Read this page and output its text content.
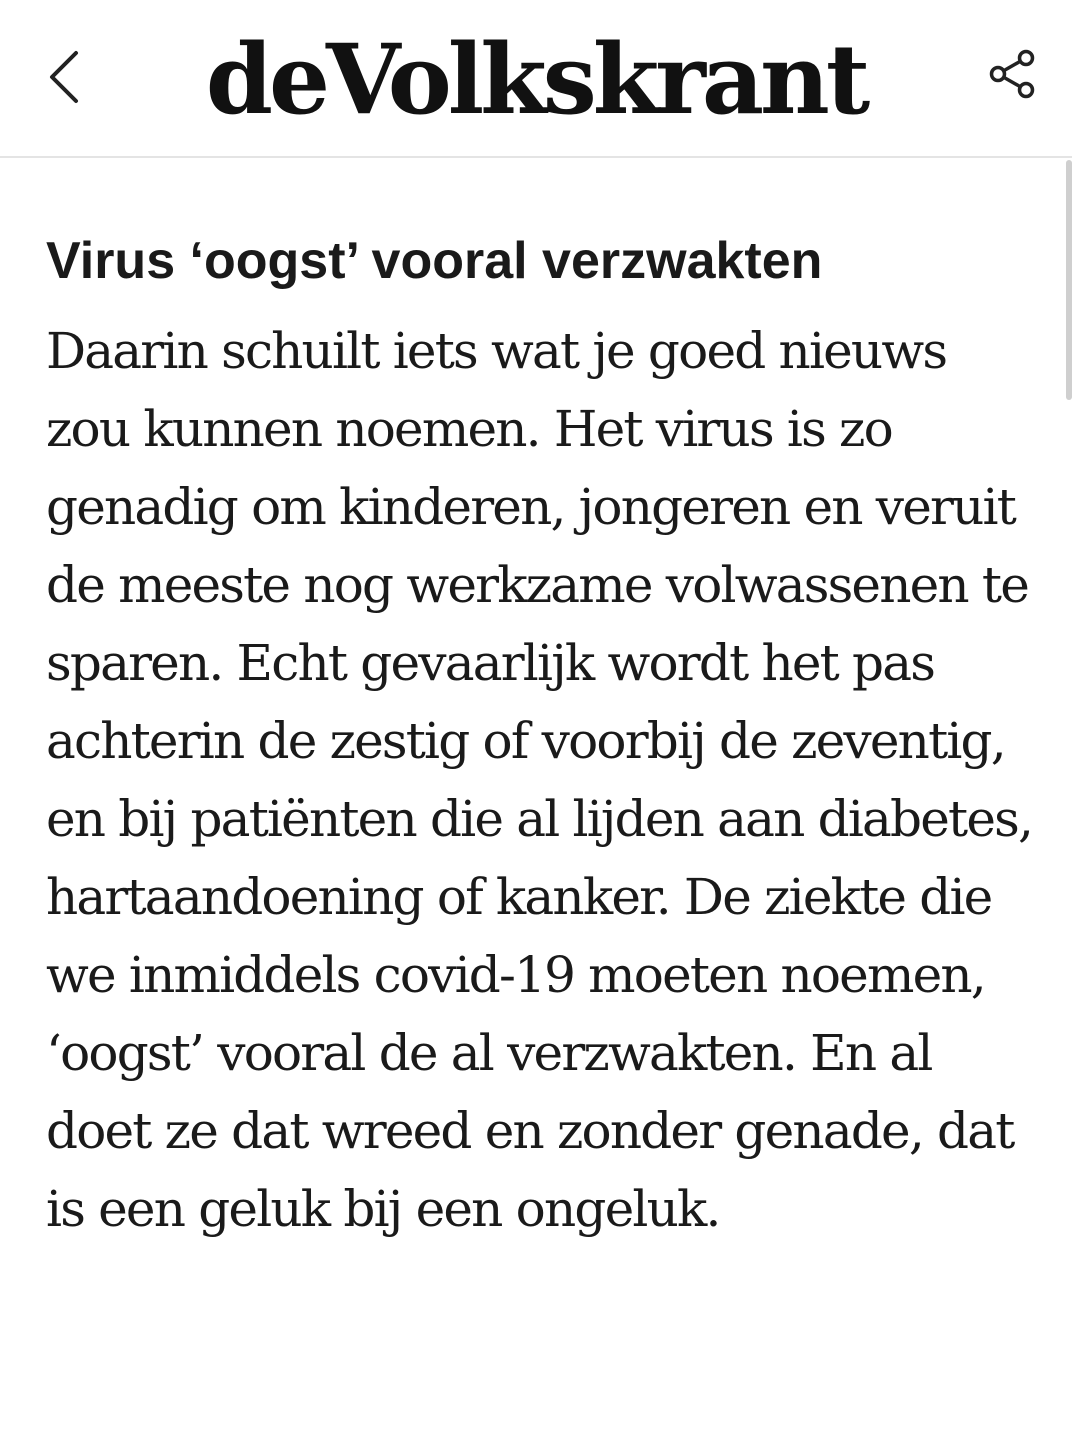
deVolkskrant
Virus ‘oogst’ vooral verzwakten

Daarin schuilt iets wat je goed nieuws zou kunnen noemen. Het virus is zo genadig om kinderen, jongeren en veruit de meeste nog werkzame volwassenen te sparen. Echt gevaarlijk wordt het pas achterin de zestig of voorbij de zeventig, en bij patiënten die al lijden aan diabetes, hartaandoening of kanker. De ziekte die we inmiddels covid-19 moeten noemen, ‘oogst’ vooral de al verzwakten. En al doet ze dat wreed en zonder genade, dat is een geluk bij een ongeluk.
